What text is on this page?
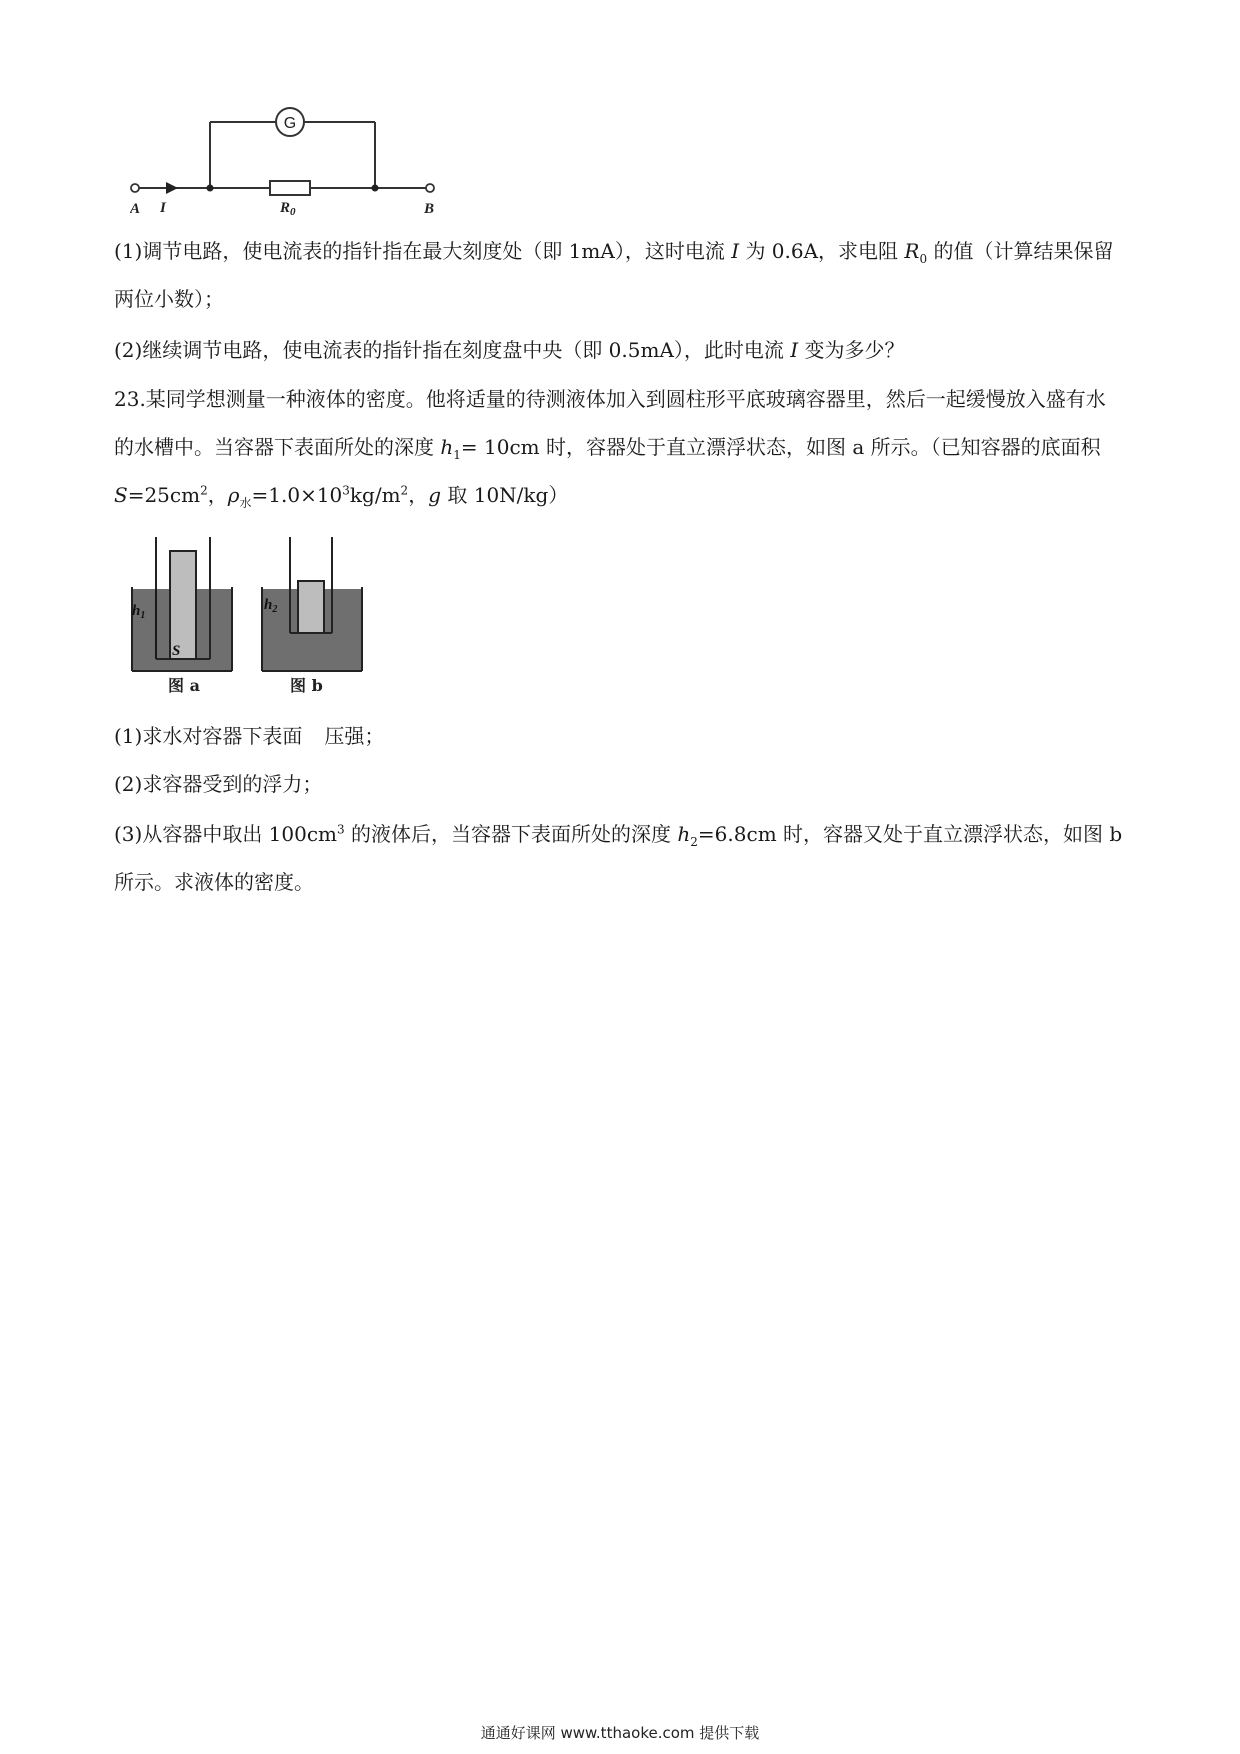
G
A I	$R_0$	B
(1)调节电路，使电流表的指针指在最大刻度处（即 1mA），这时电流 I 为 0.6A，求电阻 $R_0$ 的值（计算结果保留两位小数）；
(2)继续调节电路，使电流表的指针指在刻度盘中央（即 0.5mA），此时电流 I 变为多少？
23.某同学想测量一种液体的密度。他将适量的待测液体加入到圆柱形平底玻璃容器里，然后一起缓慢放入盛有水的水槽中。当容器下表面所处的深度 $h_1= 10cm$ 时，容器处于直立漂浮状态，如图 a 所示。（已知容器的底面积 $S=25cm^2$，$\rho_水=1.0\times 10^3kg/m^2$，g 取 10N/kg）
$h_1$
S
图 a
$h_2$
图 b
(1)求水对容器下表面 压强；
(2)求容器受到的浮力；
(3)从容器中取出 $100cm^3$ 的液体后，当容器下表面所处的深度 $h_2=6.8cm$ 时，容器又处于直立漂浮状态，如图 b 所示。求液体的密度。
通通好课网 www.tthaoke.com 提供下载
